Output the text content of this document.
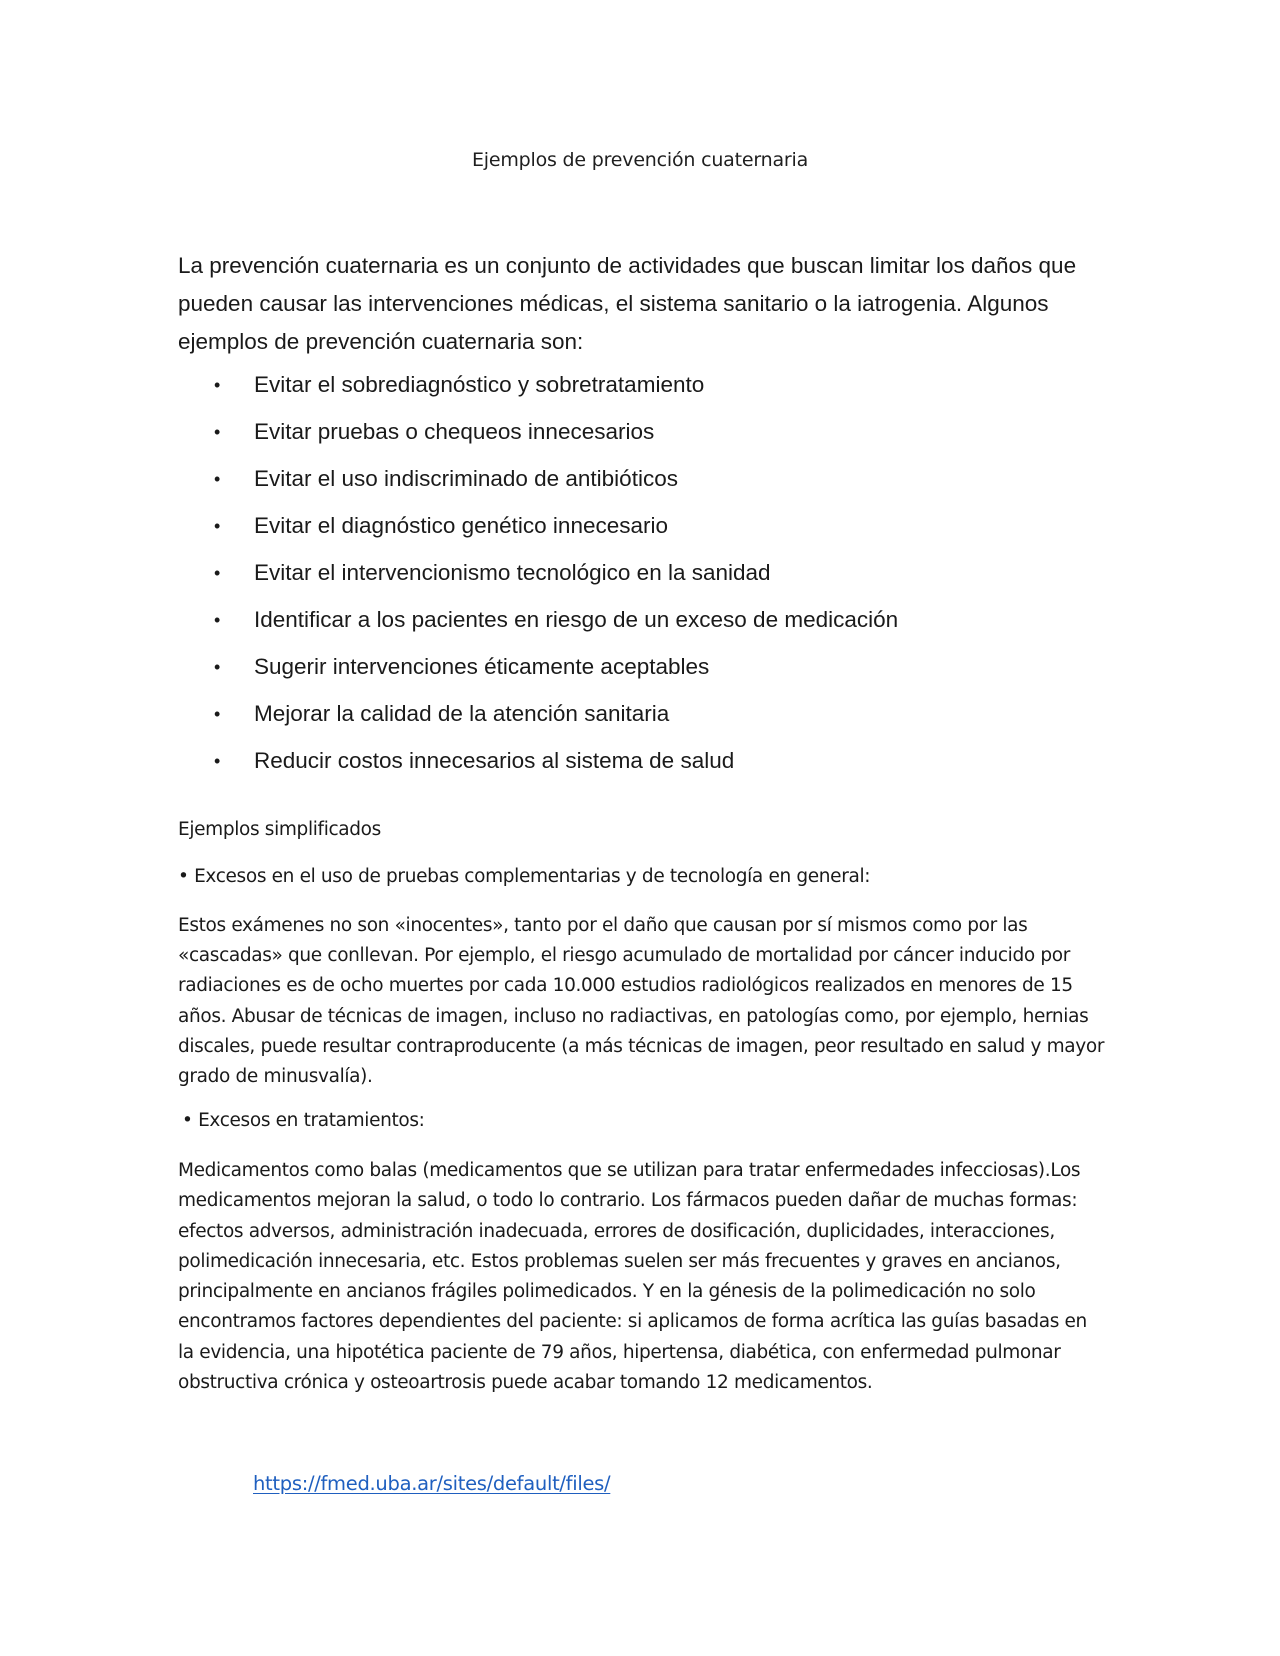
Ejemplos de prevención cuaternaria

La prevención cuaternaria es un conjunto de actividades que buscan limitar los daños que pueden causar las intervenciones médicas, el sistema sanitario o la iatrogenia. Algunos ejemplos de prevención cuaternaria son:

• Evitar el sobrediagnóstico y sobretratamiento
• Evitar pruebas o chequeos innecesarios
• Evitar el uso indiscriminado de antibióticos
• Evitar el diagnóstico genético innecesario
• Evitar el intervencionismo tecnológico en la sanidad
• Identificar a los pacientes en riesgo de un exceso de medicación
• Sugerir intervenciones éticamente aceptables
• Mejorar la calidad de la atención sanitaria
• Reducir costos innecesarios al sistema de salud
Ejemplos simplificados
• Excesos en el uso de pruebas complementarias y de tecnología en general:

Estos exámenes no son «inocentes», tanto por el daño que causan por sí mismos como por las «cascadas» que conllevan. Por ejemplo, el riesgo acumulado de mortalidad por cáncer inducido por radiaciones es de ocho muertes por cada 10.000 estudios radiológicos realizados en menores de 15 años. Abusar de técnicas de imagen, incluso no radiactivas, en patologías como, por ejemplo, hernias discales, puede resultar contraproducente (a más técnicas de imagen, peor resultado en salud y mayor grado de minusvalía).

• Excesos en tratamientos:

Medicamentos como balas (medicamentos que se utilizan para tratar enfermedades infecciosas).Los medicamentos mejoran la salud, o todo lo contrario. Los fármacos pueden dañar de muchas formas: efectos adversos, administración inadecuada, errores de dosificación, duplicidades, interacciones, polimedicación innecesaria, etc. Estos problemas suelen ser más frecuentes y graves en ancianos, principalmente en ancianos frágiles polimedicados. Y en la génesis de la polimedicación no solo encontramos factores dependientes del paciente: si aplicamos de forma acrítica las guías basadas en la evidencia, una hipotética paciente de 79 años, hipertensa, diabética, con enfermedad pulmonar obstructiva crónica y osteoartrosis puede acabar tomando 12 medicamentos.

https://fmed.uba.ar/sites/default/files/
